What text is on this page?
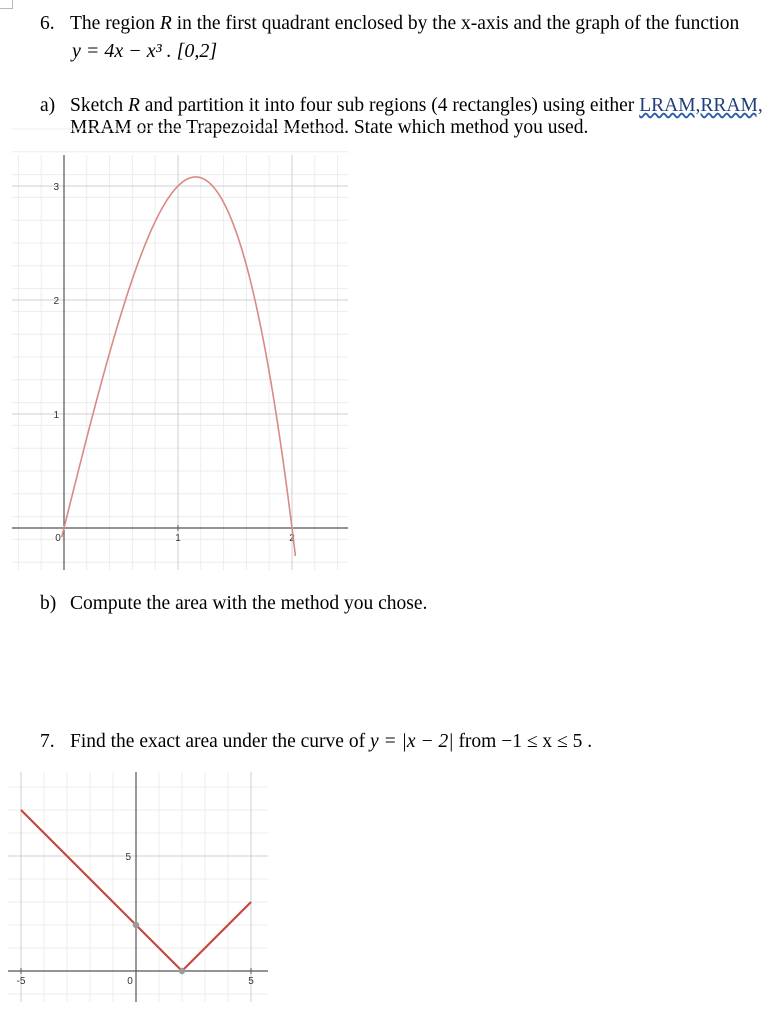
6. The region R in the first quadrant enclosed by the x-axis and the graph of the function
y = 4x − x³ . [0,2]
a) Sketch R and partition it into four sub regions (4 rectangles) using either LRAM,RRAM,
MRAM or the Trapezoidal Method. State which method you used.
0	1	2
1
2
3
b) Compute the area with the method you chose.
7. Find the exact area under the curve of y = |x − 2| from −1 ≤ x ≤ 5 .
-5	0	5
5
